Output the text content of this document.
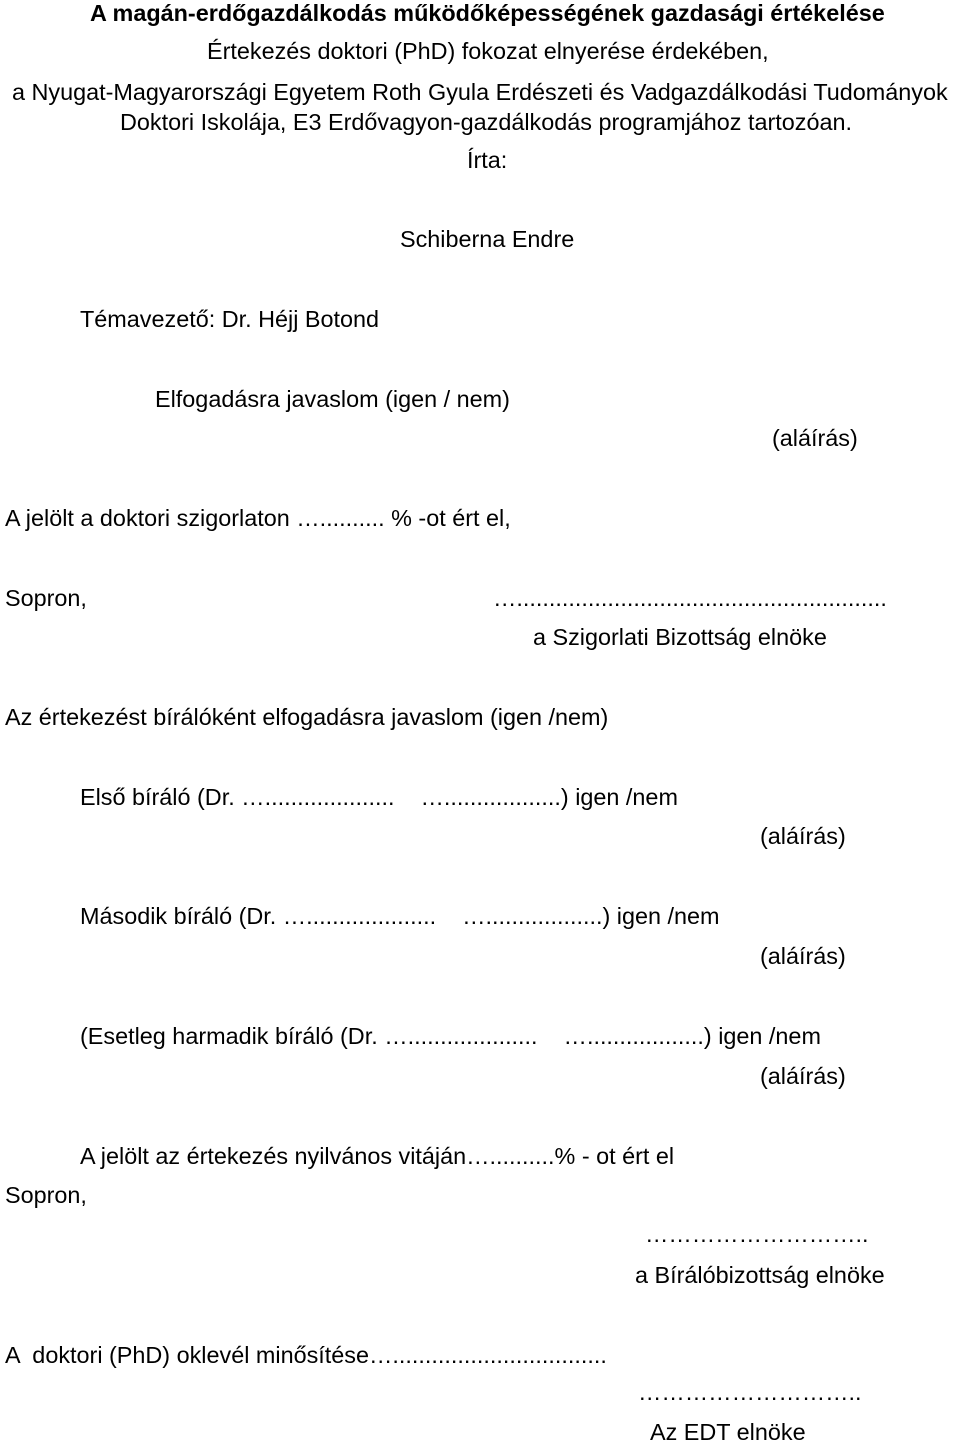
A magán-erdőgazdálkodás működőképességének gazdasági értékelése
Értekezés doktori (PhD) fokozat elnyerése érdekében,
a Nyugat-Magyarországi Egyetem Roth Gyula Erdészeti és Vadgazdálkodási Tudományok
Doktori Iskolája, E3 Erdővagyon-gazdálkodás programjához tartozóan.
Írta:
Schiberna Endre
Témavezető: Dr. Héjj Botond
Elfogadásra javaslom (igen / nem)
(aláírás)
A jelölt a doktori szigorlaton ….......... % -ot ért el,
Sopron,	….........................................................
a Szigorlati Bizottság elnöke
Az értekezést bírálóként elfogadásra javaslom (igen /nem)
Első bíráló (Dr. …....................    …..................) igen /nem
(aláírás)
Második bíráló (Dr. …....................    …..................) igen /nem
(aláírás)
(Esetleg harmadik bíráló (Dr. …....................    …..................) igen /nem
(aláírás)
A jelölt az értekezés nyilvános vitáján…..........% - ot ért el
Sopron,
………………………..
a Bírálóbizottság elnöke
A  doktori (PhD) oklevél minősítése….................................
………………………..
Az EDT elnöke
